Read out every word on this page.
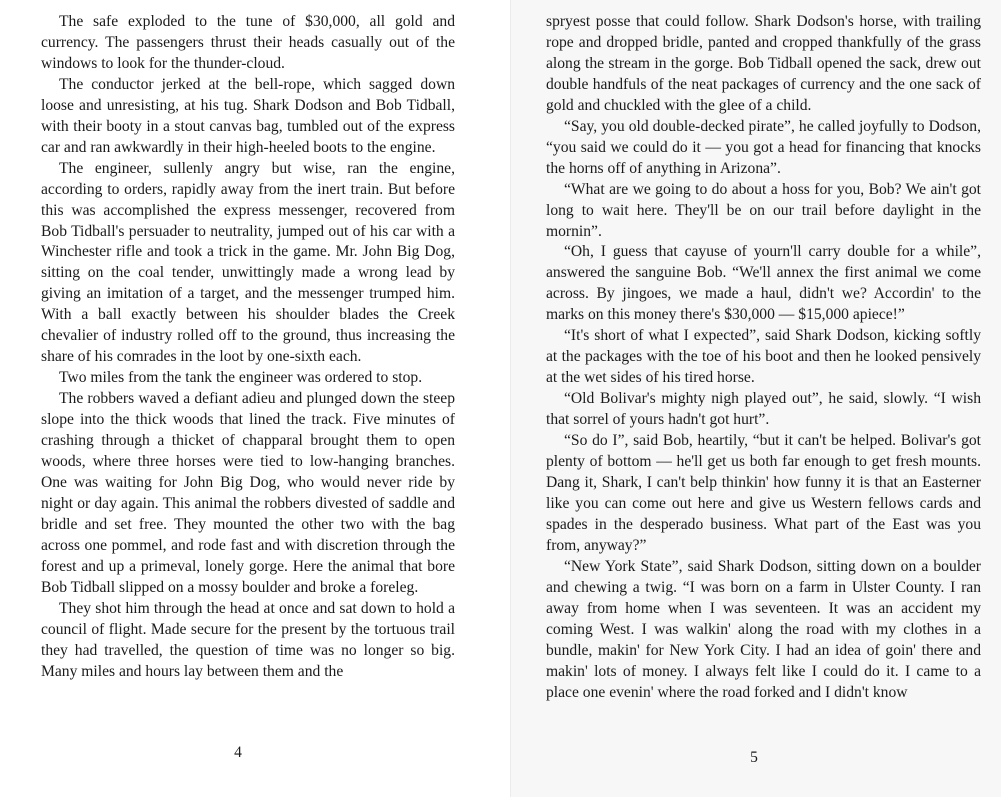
The safe exploded to the tune of $30,000, all gold and currency. The passengers thrust their heads casually out of the windows to look for the thunder-cloud.

The conductor jerked at the bell-rope, which sagged down loose and unresisting, at his tug. Shark Dodson and Bob Tidball, with their booty in a stout canvas bag, tumbled out of the express car and ran awkwardly in their high-heeled boots to the engine.

The engineer, sullenly angry but wise, ran the engine, according to orders, rapidly away from the inert train. But before this was accomplished the express messenger, recovered from Bob Tidball's persuader to neutrality, jumped out of his car with a Winchester rifle and took a trick in the game. Mr. John Big Dog, sitting on the coal tender, unwittingly made a wrong lead by giving an imitation of a target, and the messenger trumped him. With a ball exactly between his shoulder blades the Creek chevalier of industry rolled off to the ground, thus increasing the share of his comrades in the loot by one-sixth each.

Two miles from the tank the engineer was ordered to stop.

The robbers waved a defiant adieu and plunged down the steep slope into the thick woods that lined the track. Five minutes of crashing through a thicket of chapparal brought them to open woods, where three horses were tied to low-hanging branches. One was waiting for John Big Dog, who would never ride by night or day again. This animal the robbers divested of saddle and bridle and set free. They mounted the other two with the bag across one pommel, and rode fast and with discretion through the forest and up a primeval, lonely gorge. Here the animal that bore Bob Tidball slipped on a mossy boulder and broke a foreleg.

They shot him through the head at once and sat down to hold a council of flight. Made secure for the present by the tortuous trail they had travelled, the question of time was no longer so big. Many miles and hours lay between them and the

4

spryest posse that could follow. Shark Dodson's horse, with trailing rope and dropped bridle, panted and cropped thankfully of the grass along the stream in the gorge. Bob Tidball opened the sack, drew out double handfuls of the neat packages of currency and the one sack of gold and chuckled with the glee of a child.

“Say, you old double-decked pirate”, he called joyfully to Dodson, “you said we could do it — you got a head for financing that knocks the horns off of anything in Arizona”.

“What are we going to do about a hoss for you, Bob? We ain't got long to wait here. They'll be on our trail before daylight in the mornin”.

“Oh, I guess that cayuse of yourn'll carry double for a while”, answered the sanguine Bob. “We'll annex the first animal we come across. By jingoes, we made a haul, didn't we? Accordin' to the marks on this money there's $30,000 — $15,000 apiece!”

“It's short of what I expected”, said Shark Dodson, kicking softly at the packages with the toe of his boot and then he looked pensively at the wet sides of his tired horse.

“Old Bolivar's mighty nigh played out”, he said, slowly. “I wish that sorrel of yours hadn't got hurt”.

“So do I”, said Bob, heartily, “but it can't be helped. Bolivar's got plenty of bottom — he'll get us both far enough to get fresh mounts. Dang it, Shark, I can't belp thinkin' how funny it is that an Easterner like you can come out here and give us Western fellows cards and spades in the desperado business. What part of the East was you from, anyway?”

“New York State”, said Shark Dodson, sitting down on a boulder and chewing a twig. “I was born on a farm in Ulster County. I ran away from home when I was seventeen. It was an accident my coming West. I was walkin' along the road with my clothes in a bundle, makin' for New York City. I had an idea of goin' there and makin' lots of money. I always felt like I could do it. I came to a place one evenin' where the road forked and I didn't know

5
